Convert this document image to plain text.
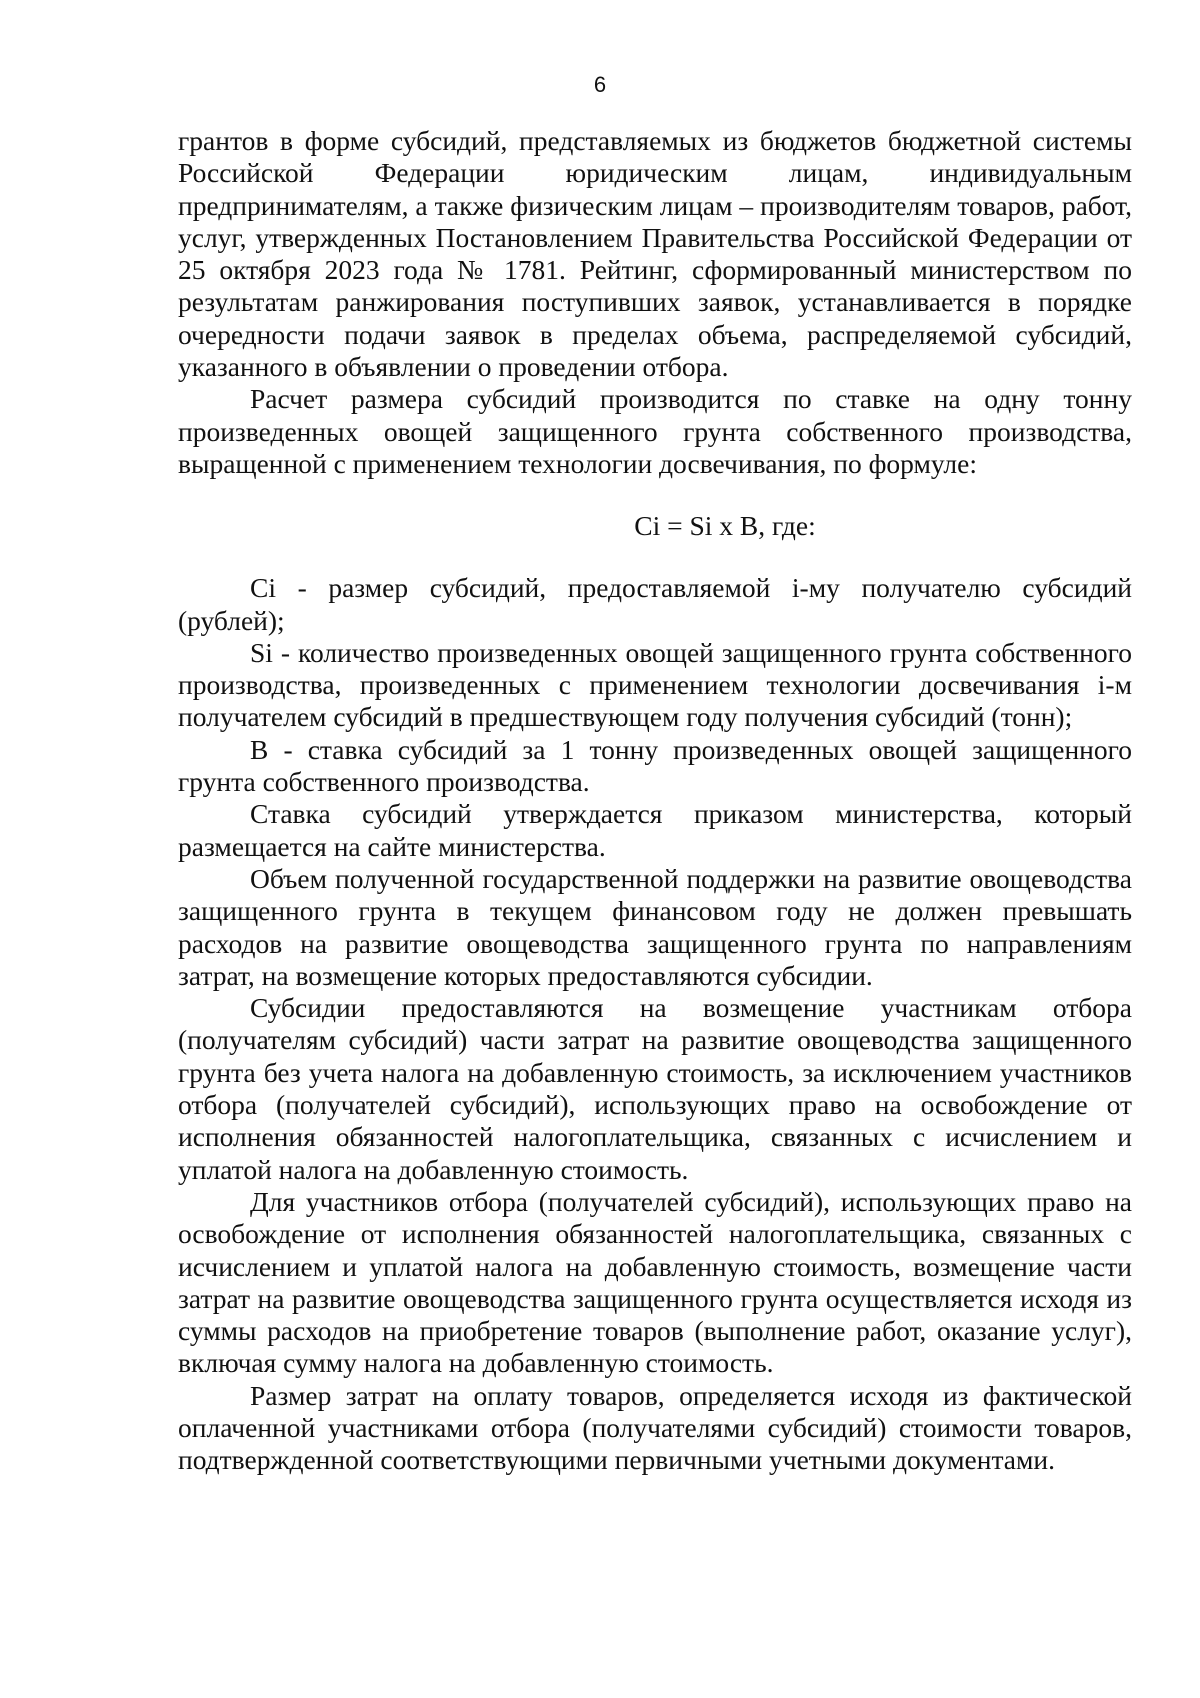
6

грантов в форме субсидий, представляемых из бюджетов бюджетной системы Российской Федерации юридическим лицам, индивидуальным предпринимателям, а также физическим лицам – производителям товаров, работ, услуг, утвержденных Постановлением Правительства Российской Федерации от 25 октября 2023 года № 1781. Рейтинг, сформированный министерством по результатам ранжирования поступивших заявок, устанавливается в порядке очередности подачи заявок в пределах объема, распределяемой субсидий, указанного в объявлении о проведении отбора.

Расчет размера субсидий производится по ставке на одну тонну произведенных овощей защищенного грунта собственного производства, выращенной с применением технологии досвечивания, по формуле:

Ci = Si x В, где:

Ci - размер субсидий, предоставляемой i-му получателю субсидий (рублей);

Si - количество произведенных овощей защищенного грунта собственного производства, произведенных с применением технологии досвечивания i-м получателем субсидий в предшествующем году получения субсидий (тонн);

В - ставка субсидий за 1 тонну произведенных овощей защищенного грунта собственного производства.

Ставка субсидий утверждается приказом министерства, который размещается на сайте министерства.

Объем полученной государственной поддержки на развитие овощеводства защищенного грунта в текущем финансовом году не должен превышать расходов на развитие овощеводства защищенного грунта по направлениям затрат, на возмещение которых предоставляются субсидии.

Субсидии предоставляются на возмещение участникам отбора (получателям субсидий) части затрат на развитие овощеводства защищенного грунта без учета налога на добавленную стоимость, за исключением участников отбора (получателей субсидий), использующих право на освобождение от исполнения обязанностей налогоплательщика, связанных с исчислением и уплатой налога на добавленную стоимость.

Для участников отбора (получателей субсидий), использующих право на освобождение от исполнения обязанностей налогоплательщика, связанных с исчислением и уплатой налога на добавленную стоимость, возмещение части затрат на развитие овощеводства защищенного грунта осуществляется исходя из суммы расходов на приобретение товаров (выполнение работ, оказание услуг), включая сумму налога на добавленную стоимость.

Размер затрат на оплату товаров, определяется исходя из фактической оплаченной участниками отбора (получателями субсидий) стоимости товаров, подтвержденной соответствующими первичными учетными документами.
